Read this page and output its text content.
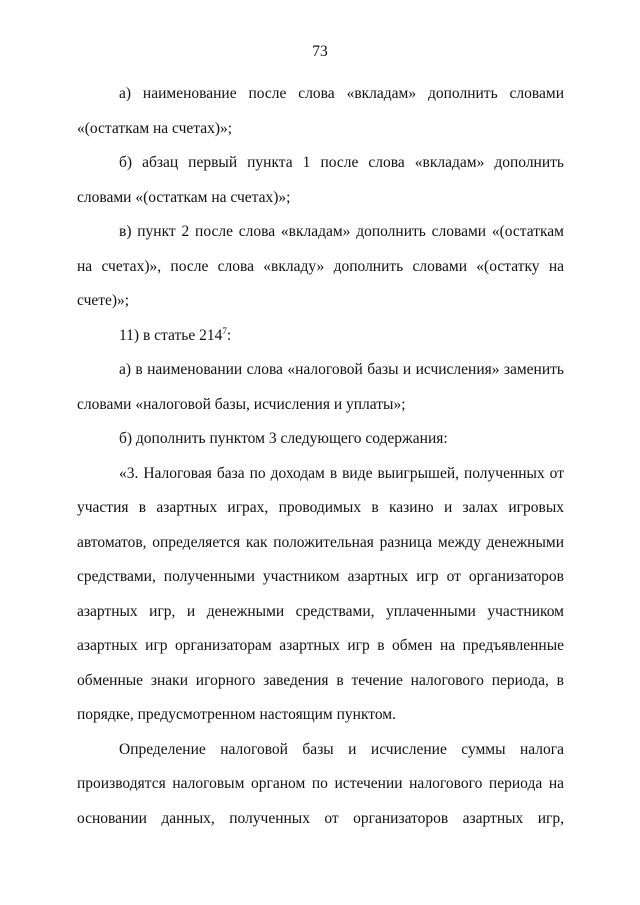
73

а) наименование после слова «вкладам» дополнить словами «(остаткам на счетах)»;

б) абзац первый пункта 1 после слова «вкладам» дополнить словами «(остаткам на счетах)»;

в) пункт 2 после слова «вкладам» дополнить словами «(остаткам на счетах)», после слова «вкладу» дополнить словами «(остатку на счете)»;

11) в статье $214^7$:

а) в наименовании слова «налоговой базы и исчисления» заменить словами «налоговой базы, исчисления и уплаты»;

б) дополнить пунктом 3 следующего содержания:

«3. Налоговая база по доходам в виде выигрышей, полученных от участия в азартных играх, проводимых в казино и залах игровых автоматов, определяется как положительная разница между денежными средствами, полученными участником азартных игр от организаторов азартных игр, и денежными средствами, уплаченными участником азартных игр организаторам азартных игр в обмен на предъявленные обменные знаки игорного заведения в течение налогового периода, в порядке, предусмотренном настоящим пунктом.

Определение налоговой базы и исчисление суммы налога производятся налоговым органом по истечении налогового периода на основании данных, полученных от организаторов азартных игр,
